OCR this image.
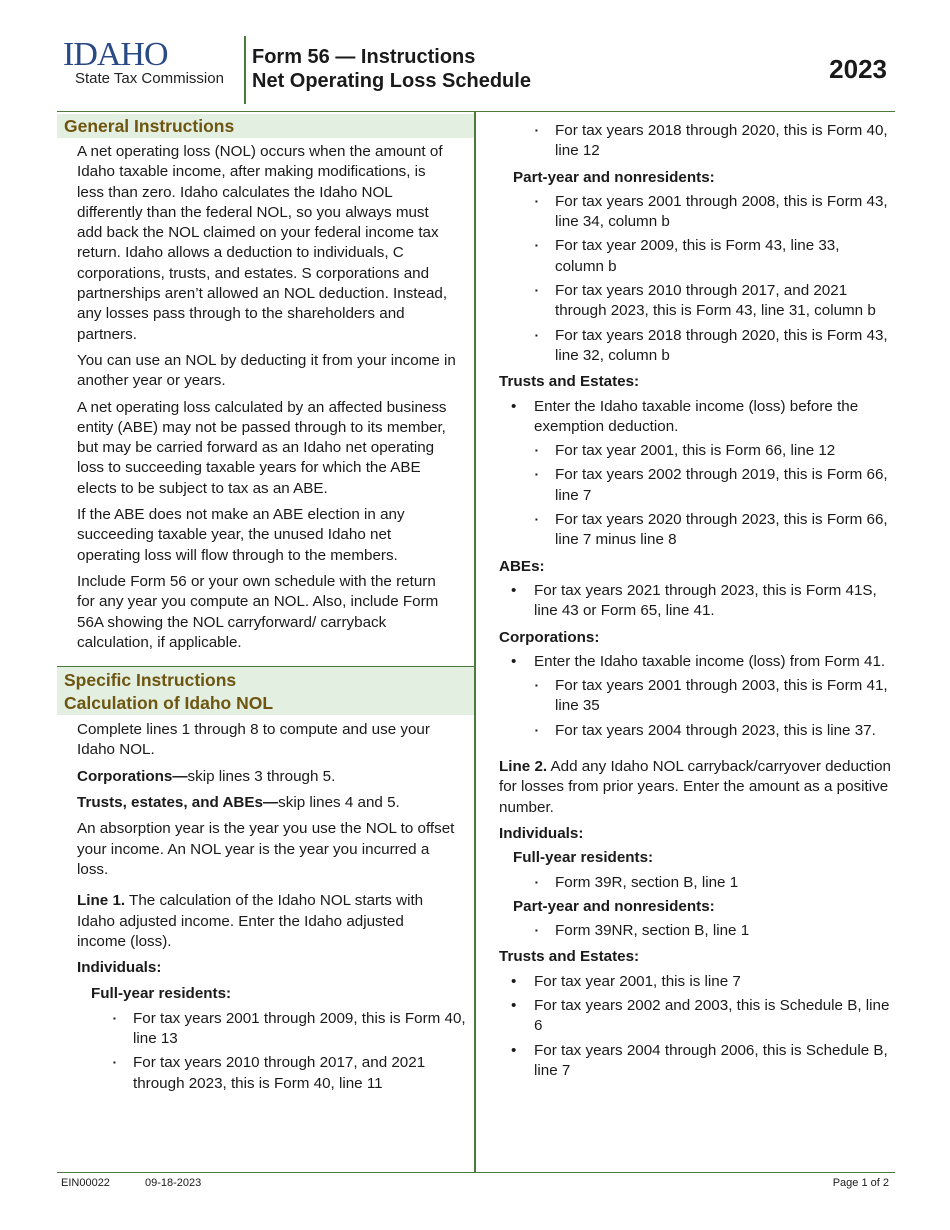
IDAHO
State Tax Commission
Form 56 — Instructions
Net Operating Loss Schedule	2023
General Instructions

A net operating loss (NOL) occurs when the amount of Idaho taxable income, after making modifications, is less than zero. Idaho calculates the Idaho NOL differently than the federal NOL, so you always must add back the NOL claimed on your federal income tax return. Idaho allows a deduction to individuals, C corporations, trusts, and estates. S corporations and partnerships aren’t allowed an NOL deduction. Instead, any losses pass through to the shareholders and partners.

You can use an NOL by deducting it from your income in another year or years.

A net operating loss calculated by an affected business entity (ABE) may not be passed through to its member, but may be carried forward as an Idaho net operating loss to succeeding taxable years for which the ABE elects to be subject to tax as an ABE.

If the ABE does not make an ABE election in any succeeding taxable year, the unused Idaho net operating loss will flow through to the members.

Include Form 56 or your own schedule with the return for any year you compute an NOL. Also, include Form 56A showing the NOL carryforward/ carryback calculation, if applicable.

Specific Instructions
Calculation of Idaho NOL

Complete lines 1 through 8 to compute and use your Idaho NOL.

Corporations—skip lines 3 through 5.

Trusts, estates, and ABEs—skip lines 4 and 5.

An absorption year is the year you use the NOL to offset your income. An NOL year is the year you incurred a loss.

Line 1. The calculation of the Idaho NOL starts with Idaho adjusted income. Enter the Idaho adjusted income (loss).

Individuals:

Full-year residents:

▪ For tax years 2001 through 2009, this is Form 40, line 13
▪ For tax years 2010 through 2017, and 2021 through 2023, this is Form 40, line 11
▪ For tax years 2018 through 2020, this is Form 40, line 12

Part-year and nonresidents:

▪ For tax years 2001 through 2008, this is Form 43, line 34, column b
▪ For tax year 2009, this is Form 43, line 33, column b
▪ For tax years 2010 through 2017, and 2021 through 2023, this is Form 43, line 31, column b
▪ For tax years 2018 through 2020, this is Form 43, line 32, column b

Trusts and Estates:

• Enter the Idaho taxable income (loss) before the exemption deduction.
▪ For tax year 2001, this is Form 66, line 12
▪ For tax years 2002 through 2019, this is Form 66, line 7
▪ For tax years 2020 through 2023, this is Form 66, line 7 minus line 8

ABEs:

• For tax years 2021 through 2023, this is Form 41S, line 43 or Form 65, line 41.

Corporations:

• Enter the Idaho taxable income (loss) from Form 41.
▪ For tax years 2001 through 2003, this is Form 41, line 35
▪ For tax years 2004 through 2023, this is line 37.

Line 2. Add any Idaho NOL carryback/carryover deduction for losses from prior years. Enter the amount as a positive number.

Individuals:

Full-year residents:

▪ Form 39R, section B, line 1

Part-year and nonresidents:

▪ Form 39NR, section B, line 1

Trusts and Estates:

• For tax year 2001, this is line 7
• For tax years 2002 and 2003, this is Schedule B, line 6
• For tax years 2004 through 2006, this is Schedule B, line 7
EIN00022	09-18-2023	Page 1 of 2
